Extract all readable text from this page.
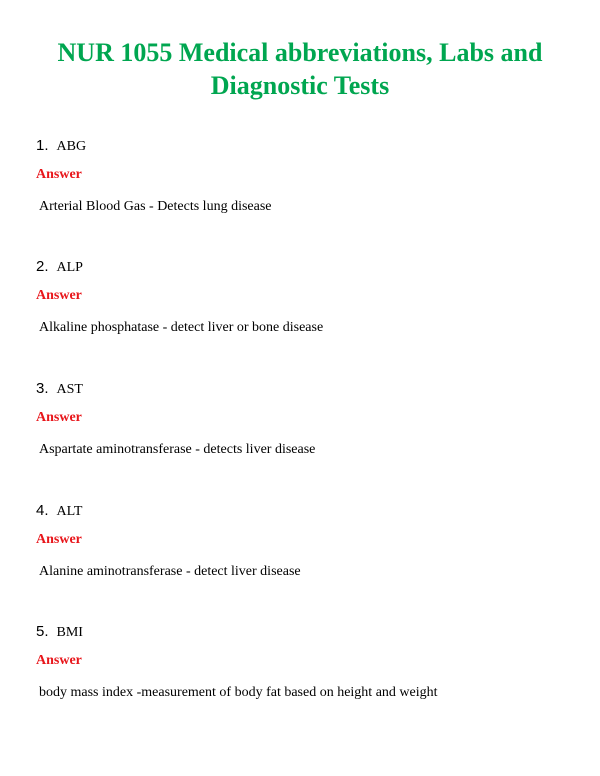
NUR 1055 Medical abbreviations, Labs and Diagnostic Tests
1. ABG
Answer
Arterial Blood Gas - Detects lung disease
2. ALP
Answer
Alkaline phosphatase - detect liver or bone disease
3. AST
Answer
Aspartate aminotransferase - detects liver disease
4. ALT
Answer
Alanine aminotransferase - detect liver disease
5. BMI
Answer
body mass index -measurement of body fat based on height and weight
